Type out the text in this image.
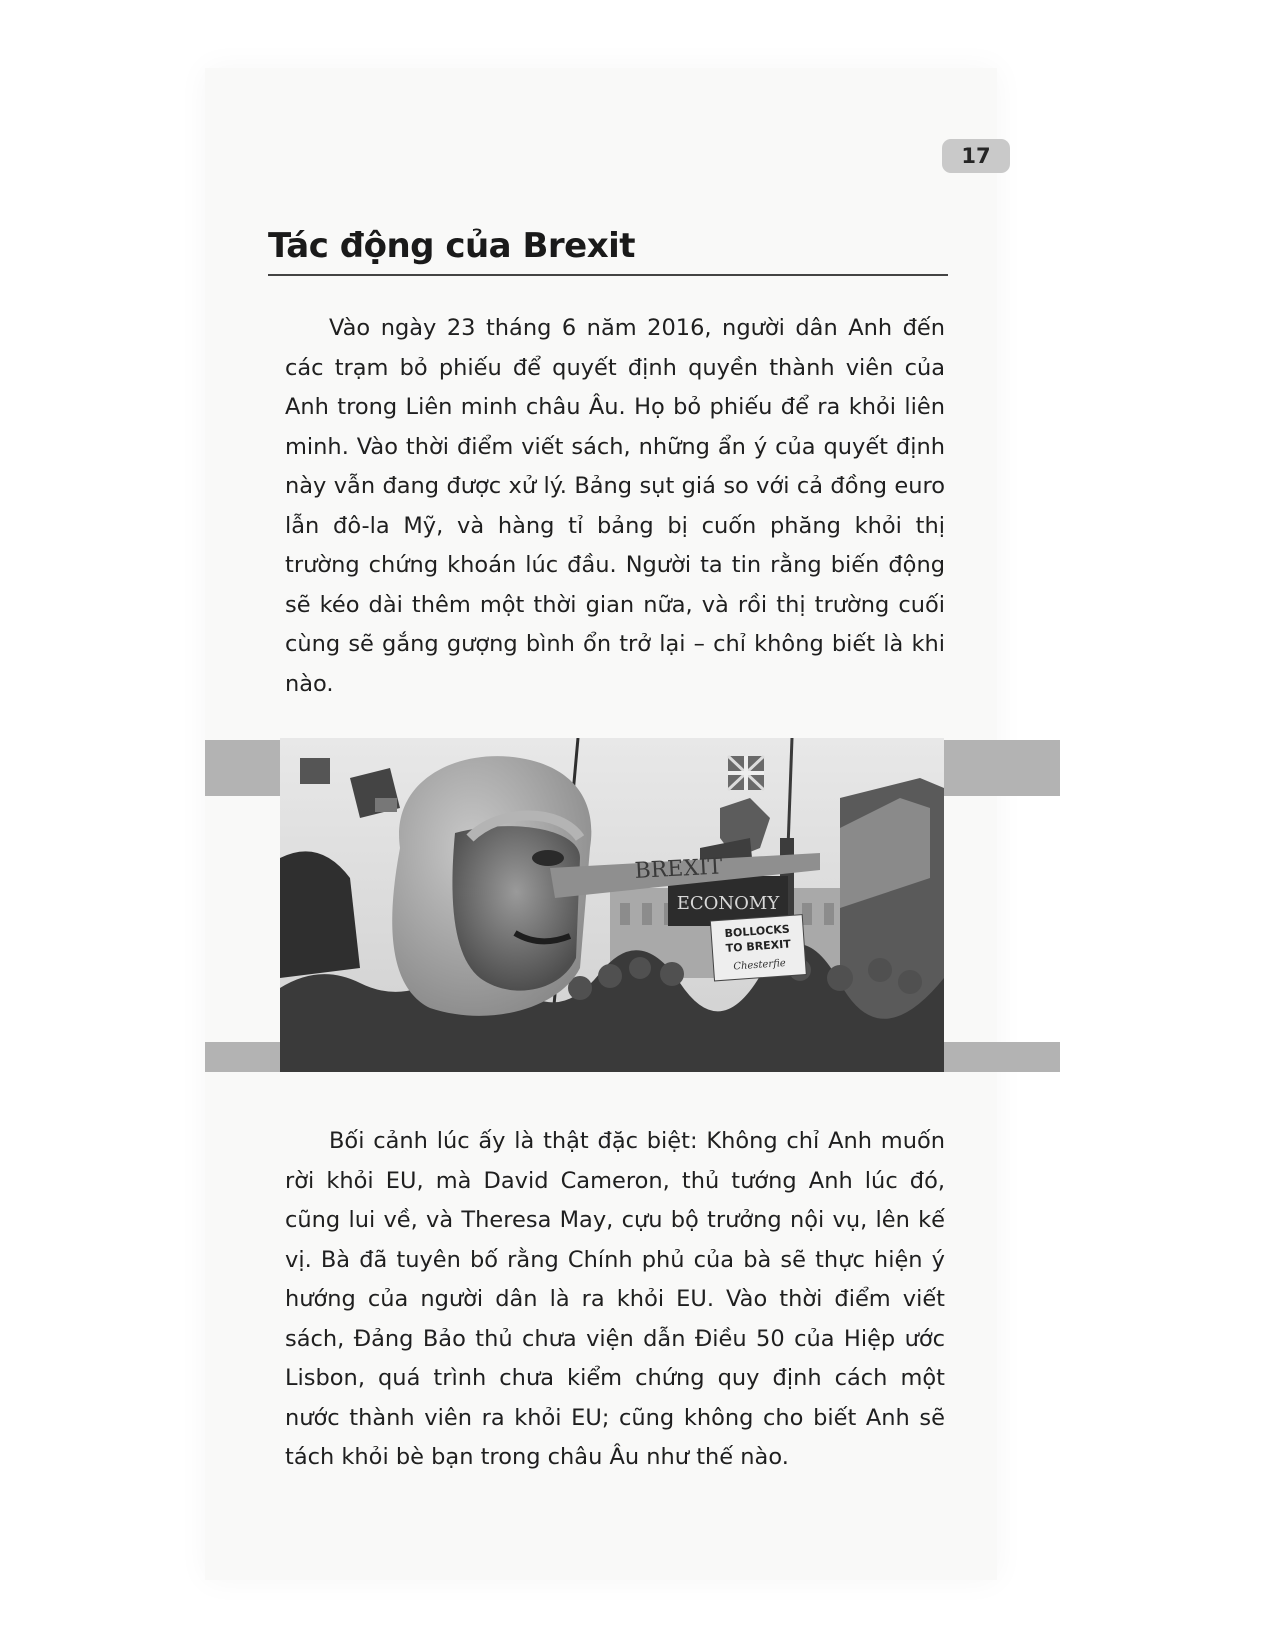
17
Tác động của Brexit

Vào ngày 23 tháng 6 năm 2016, người dân Anh đến các trạm bỏ phiếu để quyết định quyền thành viên của Anh trong Liên minh châu Âu. Họ bỏ phiếu để ra khỏi liên minh. Vào thời điểm viết sách, những ẩn ý của quyết định này vẫn đang được xử lý. Bảng sụt giá so với cả đồng euro lẫn đô-la Mỹ, và hàng tỉ bảng bị cuốn phăng khỏi thị trường chứng khoán lúc đầu. Người ta tin rằng biến động sẽ kéo dài thêm một thời gian nữa, và rồi thị trường cuối cùng sẽ gắng gượng bình ổn trở lại – chỉ không biết là khi nào.

ECONOMY
BREXIT
BOLLOCKS
TO BREXIT
Chesterfie

Bối cảnh lúc ấy là thật đặc biệt: Không chỉ Anh muốn rời khỏi EU, mà David Cameron, thủ tướng Anh lúc đó, cũng lui về, và Theresa May, cựu bộ trưởng nội vụ, lên kế vị. Bà đã tuyên bố rằng Chính phủ của bà sẽ thực hiện ý hướng của người dân là ra khỏi EU. Vào thời điểm viết sách, Đảng Bảo thủ chưa viện dẫn Điều 50 của Hiệp ước Lisbon, quá trình chưa kiểm chứng quy định cách một nước thành viên ra khỏi EU; cũng không cho biết Anh sẽ tách khỏi bè bạn trong châu Âu như thế nào.
